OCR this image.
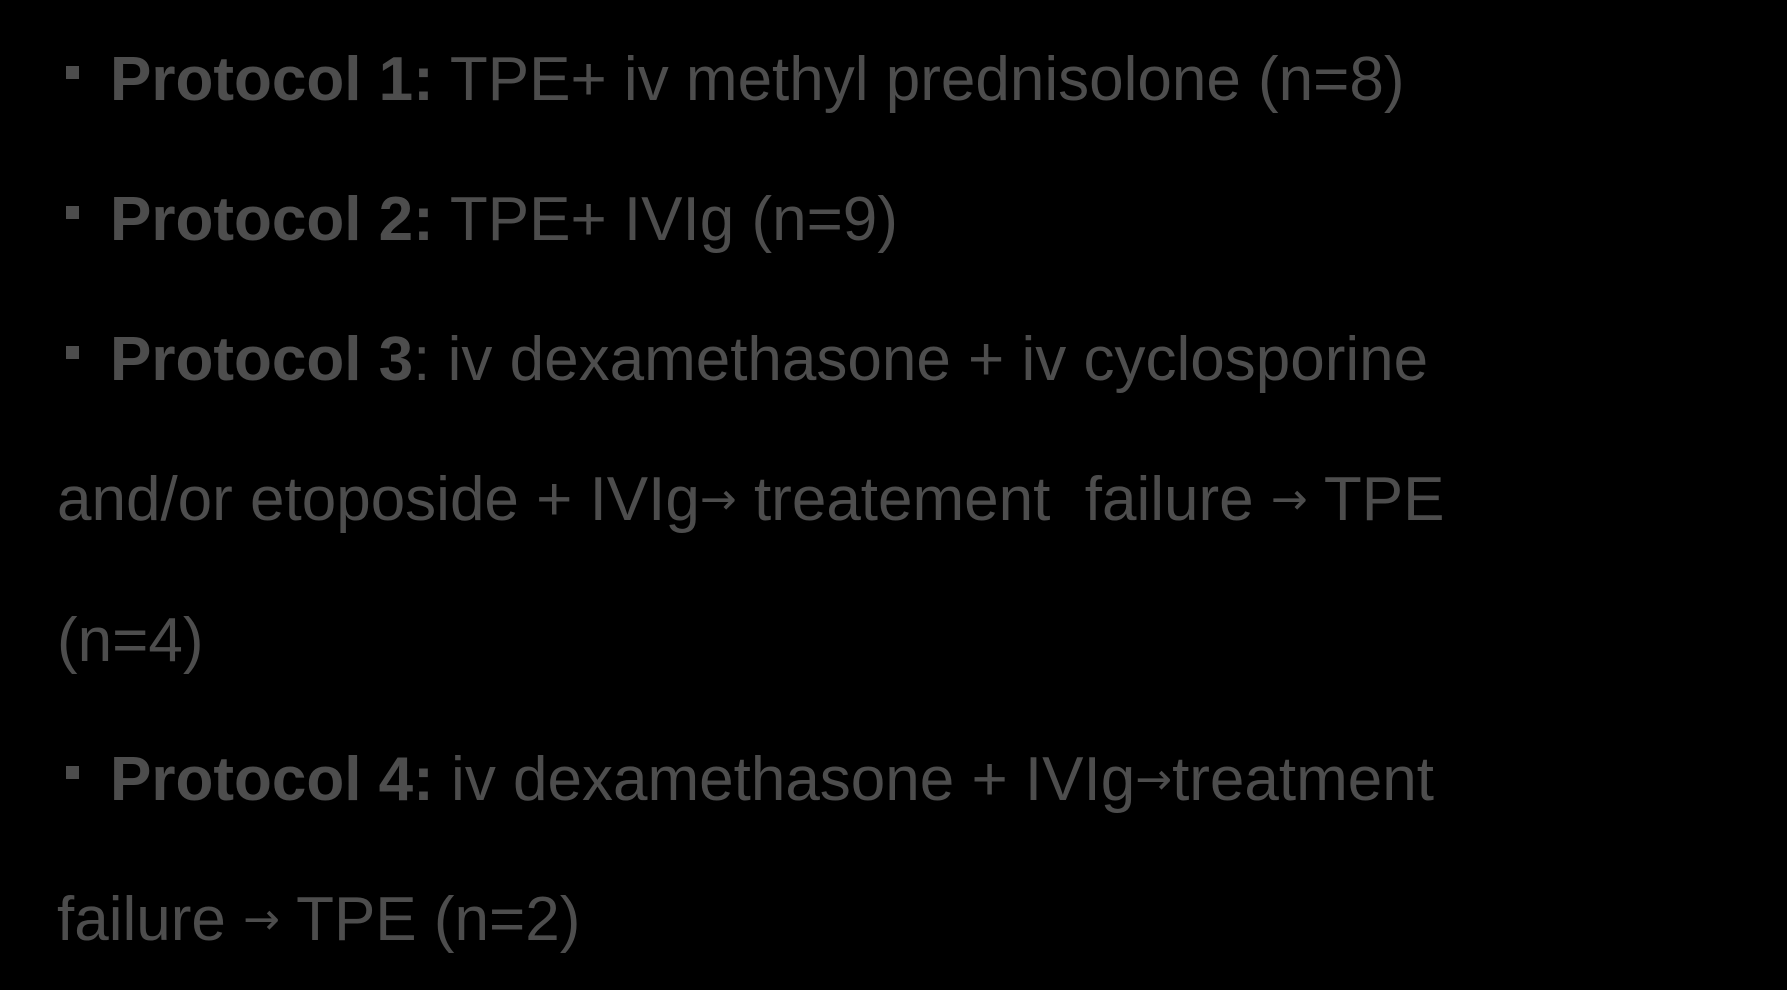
Protocol 1: TPE+ iv methyl prednisolone (n=8)
Protocol 2: TPE+ IVIg (n=9)
Protocol 3: iv dexamethasone + iv cyclosporine
and/or etoposide + IVIg→ treatement  failure → TPE
(n=4)
Protocol 4: iv dexamethasone + IVIg→treatment
failure → TPE (n=2)
